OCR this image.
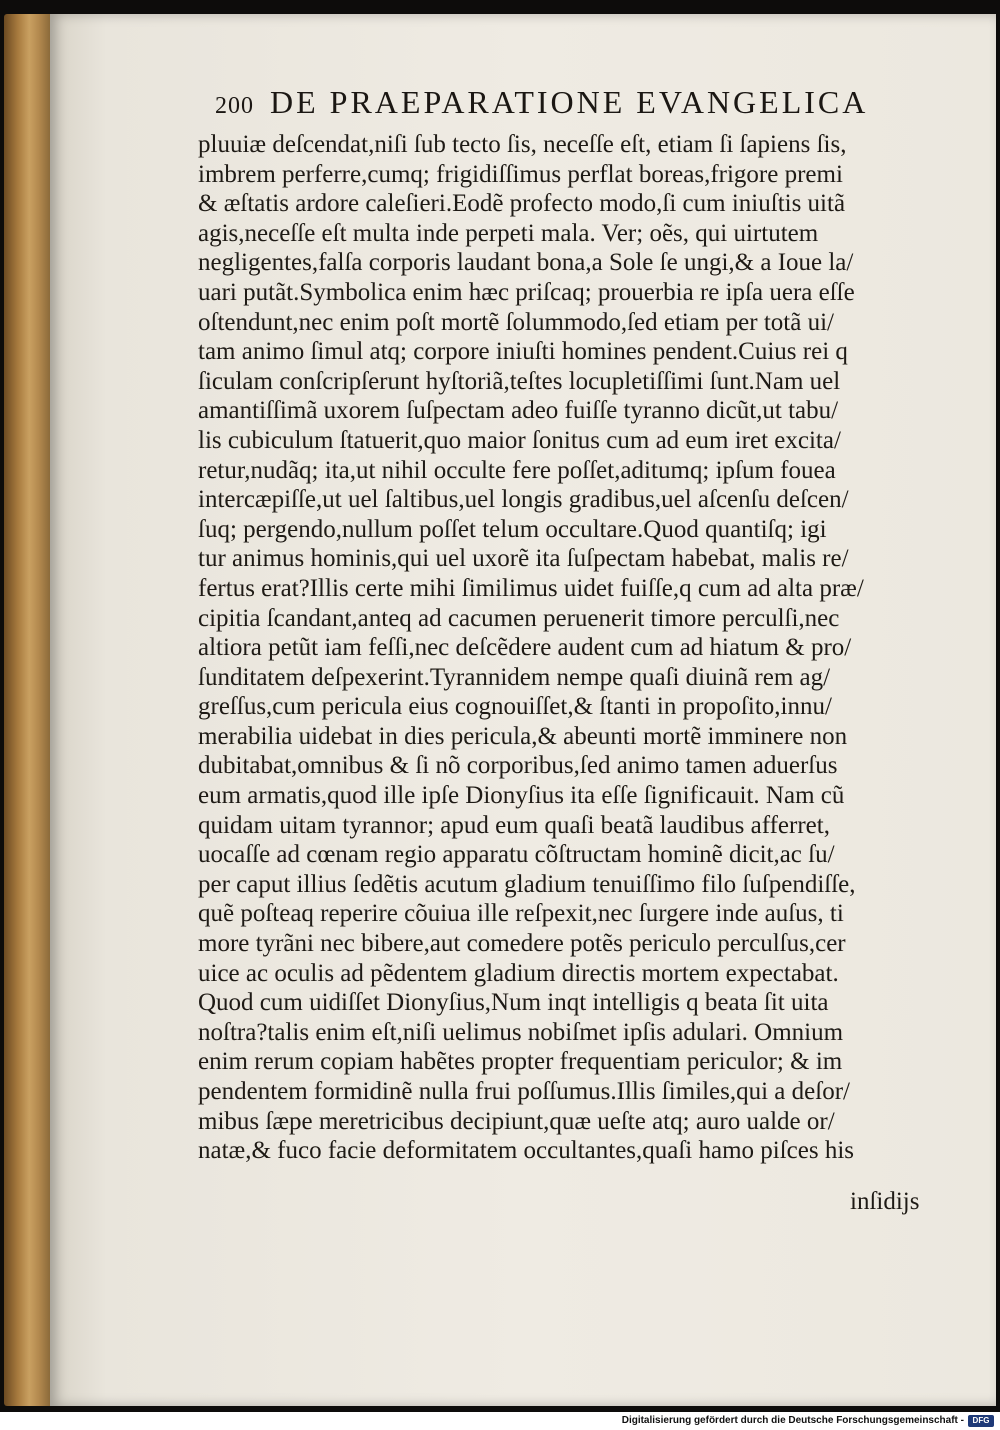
200 DE PRAEPARATIONE EVANGELICA
pluuiæ deſcendat,niſi ſub tecto ſis, neceſſe eſt, etiam ſi ſapiens ſis,
imbrem perferre,cumq; frigidiſſimus perflat boreas,frigore premi
& æſtatis ardore caleſieri.Eodẽ profecto modo,ſi cum iniuſtis uitã
agis,neceſſe eſt multa inde perpeti mala. Ver; oẽs, qui uirtutem
negligentes,falſa corporis laudant bona,a Sole ſe ungi,& a Ioue la/
uari putãt.Symbolica enim hæc priſcaq; prouerbia re ipſa uera eſſe
oſtendunt,nec enim poſt mortẽ ſolummodo,ſed etiam per totã ui/
tam animo ſimul atq; corpore iniuſti homines pendent.Cuius rei q
ſiculam conſcripſerunt hyſtoriã,teſtes locupletiſſimi ſunt.Nam uel
amantiſſimã uxorem ſuſpectam adeo fuiſſe tyranno dicũt,ut tabu/
lis cubiculum ſtatuerit,quo maior ſonitus cum ad eum iret excita/
retur,nudãq; ita,ut nihil occulte fere poſſet,aditumq; ipſum fouea
intercæpiſſe,ut uel ſaltibus,uel longis gradibus,uel aſcenſu deſcen/
ſuq; pergendo,nullum poſſet telum occultare.Quod quantiſq; igi
tur animus hominis,qui uel uxorẽ ita ſuſpectam habebat, malis re/
fertus erat?Illis certe mihi ſimilimus uidet fuiſſe,q cum ad alta præ/
cipitia ſcandant,anteq ad cacumen peruenerit timore perculſi,nec
altiora petũt iam feſſi,nec deſcẽdere audent cum ad hiatum & pro/
ſunditatem deſpexerint.Tyrannidem nempe quaſi diuinã rem ag/
greſſus,cum pericula eius cognouiſſet,& ſtanti in propoſito,innu/
merabilia uidebat in dies pericula,& abeunti mortẽ imminere non
dubitabat,omnibus & ſi nõ corporibus,ſed animo tamen aduerſus
eum armatis,quod ille ipſe Dionyſius ita eſſe ſignificauit. Nam cũ
quidam uitam tyrannor; apud eum quaſi beatã laudibus afferret,
uocaſſe ad cœnam regio apparatu cõſtructam hominẽ dicit,ac ſu/
per caput illius ſedẽtis acutum gladium tenuiſſimo filo ſuſpendiſſe,
quẽ poſteaq reperire cõuiua ille reſpexit,nec ſurgere inde auſus, ti
more tyrãni nec bibere,aut comedere potẽs periculo perculſus,cer
uice ac oculis ad pẽdentem gladium directis mortem expectabat.
Quod cum uidiſſet Dionyſius,Num inqt intelligis q beata ſit uita
noſtra?talis enim eſt,niſi uelimus nobiſmet ipſis adulari. Omnium
enim rerum copiam habẽtes propter frequentiam periculor; & im
pendentem formidinẽ nulla frui poſſumus.Illis ſimiles,qui a deſor/
mibus ſæpe meretricibus decipiunt,quæ ueſte atq; auro ualde or/
natæ,& fuco facie deformitatem occultantes,quaſi hamo piſces his
inſidijs
Digitalisierung gefördert durch die Deutsche Forschungsgemeinschaft -	DFG
